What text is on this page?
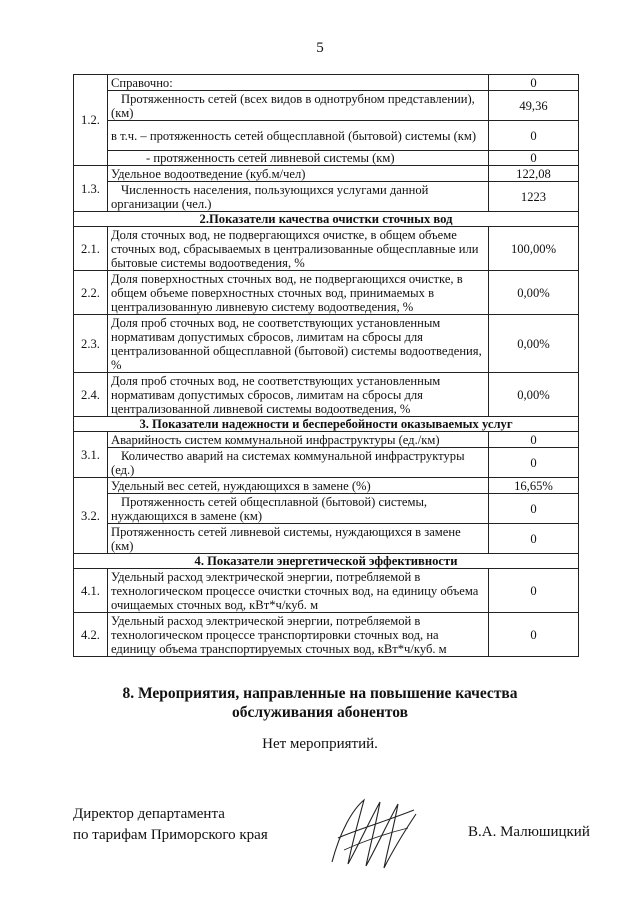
5
1.2.	Справочно:	0
	Протяженность сетей (всех видов в однотрубном представлении), (км)	49,36
	в т.ч. – протяженность сетей общесплавной (бытовой) системы (км)	0
	- протяженность сетей ливневой системы (км)	0
1.3.	Удельное водоотведение (куб.м/чел)	122,08
	Численность населения, пользующихся услугами данной организации (чел.)	1223
2.Показатели качества очистки сточных вод		
2.1.	Доля сточных вод, не подвергающихся очистке, в общем объеме сточных вод, сбрасываемых в централизованные общесплавные или бытовые системы водоотведения, %	100,00%
2.2.	Доля поверхностных сточных вод, не подвергающихся очистке, в общем объеме поверхностных сточных вод, принимаемых в централизованную ливневую систему водоотведения, %	0,00%
2.3.	Доля проб сточных вод, не соответствующих установленным нормативам допустимых сбросов, лимитам на сбросы для централизованной общесплавной (бытовой) системы водоотведения, %	0,00%
2.4.	Доля проб сточных вод, не соответствующих установленным нормативам допустимых сбросов, лимитам на сбросы для централизованной ливневой системы водоотведения, %	0,00%
3. Показатели надежности и бесперебойности оказываемых услуг		
3.1.	Аварийность систем коммунальной инфраструктуры (ед./км)	0
	Количество аварий на системах коммунальной инфраструктуры (ед.)	0
3.2.	Удельный вес сетей, нуждающихся в замене (%)	16,65%
	Протяженность сетей общесплавной (бытовой) системы, нуждающихся в замене (км)	0
	Протяженность сетей ливневой системы, нуждающихся в замене (км)	0
4. Показатели энергетической эффективности		
4.1.	Удельный расход электрической энергии, потребляемой в технологическом процессе очистки сточных вод, на единицу объема очищаемых сточных вод, кВт*ч/куб. м	0
4.2.	Удельный расход электрической энергии, потребляемой в технологическом процессе транспортировки сточных вод, на единицу объема транспортируемых сточных вод, кВт*ч/куб. м	0
8. Мероприятия, направленные на повышение качества обслуживания абонентов
Нет мероприятий.
Директор департамента
по тарифам Приморского края	В.А. Малюшицкий
